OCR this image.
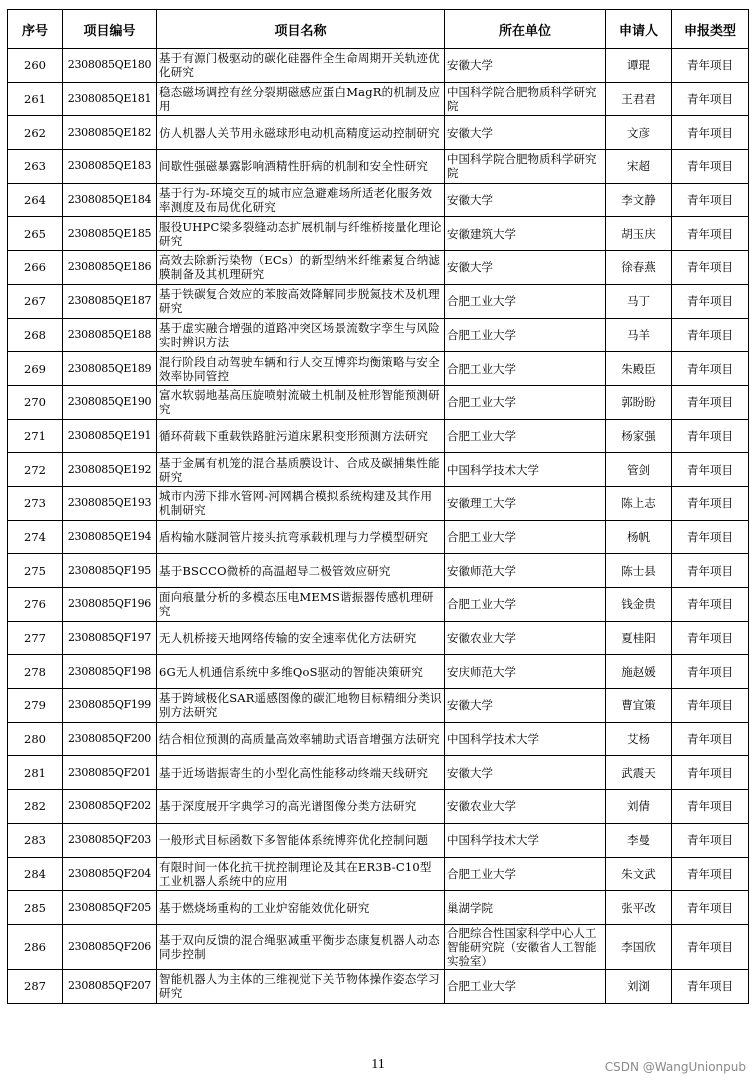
序号	项目编号	项目名称	所在单位	申请人	申报类型
260	2308085QE180	基于有源门极驱动的碳化硅器件全生命周期开关轨迹优化研究	安徽大学	谭琨	青年项目
261	2308085QE181	稳态磁场调控有丝分裂期磁感应蛋白MagR的机制及应用	中国科学院合肥物质科学研究院	王君君	青年项目
262	2308085QE182	仿人机器人关节用永磁球形电动机高精度运动控制研究	安徽大学	文彦	青年项目
263	2308085QE183	间歇性强磁暴露影响酒精性肝病的机制和安全性研究	中国科学院合肥物质科学研究院	宋超	青年项目
264	2308085QE184	基于行为-环境交互的城市应急避难场所适老化服务效率测度及布局优化研究	安徽大学	李文静	青年项目
265	2308085QE185	服役UHPC梁多裂缝动态扩展机制与纤维桥接量化理论研究	安徽建筑大学	胡玉庆	青年项目
266	2308085QE186	高效去除新污染物（ECs）的新型纳米纤维素复合纳滤膜制备及其机理研究	安徽大学	徐春燕	青年项目
267	2308085QE187	基于铁碳复合效应的苯胺高效降解同步脱氮技术及机理研究	合肥工业大学	马丁	青年项目
268	2308085QE188	基于虚实融合增强的道路冲突区场景流数字孪生与风险实时辨识方法	合肥工业大学	马羊	青年项目
269	2308085QE189	混行阶段自动驾驶车辆和行人交互博弈均衡策略与安全效率协同管控	合肥工业大学	朱殿臣	青年项目
270	2308085QE190	富水软弱地基高压旋喷射流破土机制及桩形智能预测研究	合肥工业大学	郭盼盼	青年项目
271	2308085QE191	循环荷载下重载铁路脏污道床累积变形预测方法研究	合肥工业大学	杨家强	青年项目
272	2308085QE192	基于金属有机笼的混合基质膜设计、合成及碳捕集性能研究	中国科学技术大学	管剑	青年项目
273	2308085QE193	城市内涝下排水管网-河网耦合模拟系统构建及其作用机制研究	安徽理工大学	陈上志	青年项目
274	2308085QE194	盾构输水隧洞管片接头抗弯承载机理与力学模型研究	合肥工业大学	杨帆	青年项目
275	2308085QF195	基于BSCCO微桥的高温超导二极管效应研究	安徽师范大学	陈士县	青年项目
276	2308085QF196	面向痕量分析的多模态压电MEMS谐振器传感机理研究	合肥工业大学	钱金贵	青年项目
277	2308085QF197	无人机桥接天地网络传输的安全速率优化方法研究	安徽农业大学	夏桂阳	青年项目
278	2308085QF198	6G无人机通信系统中多维QoS驱动的智能决策研究	安庆师范大学	施赵媛	青年项目
279	2308085QF199	基于跨域极化SAR遥感图像的碳汇地物目标精细分类识别方法研究	安徽大学	曹宜策	青年项目
280	2308085QF200	结合相位预测的高质量高效率辅助式语音增强方法研究	中国科学技术大学	艾杨	青年项目
281	2308085QF201	基于近场谐振寄生的小型化高性能移动终端天线研究	安徽大学	武震天	青年项目
282	2308085QF202	基于深度展开字典学习的高光谱图像分类方法研究	安徽农业大学	刘倩	青年项目
283	2308085QF203	一般形式目标函数下多智能体系统博弈优化控制问题	中国科学技术大学	李曼	青年项目
284	2308085QF204	有限时间一体化抗干扰控制理论及其在ER3B-C10型工业机器人系统中的应用	合肥工业大学	朱文武	青年项目
285	2308085QF205	基于燃烧场重构的工业炉窑能效优化研究	巢湖学院	张平改	青年项目
286	2308085QF206	基于双向反馈的混合绳驱减重平衡步态康复机器人动态同步控制	合肥综合性国家科学中心人工智能研究院（安徽省人工智能实验室）	李国欣	青年项目
287	2308085QF207	智能机器人为主体的三维视觉下关节物体操作姿态学习研究	合肥工业大学	刘浏	青年项目
11	CSDN @WangUnionpub
